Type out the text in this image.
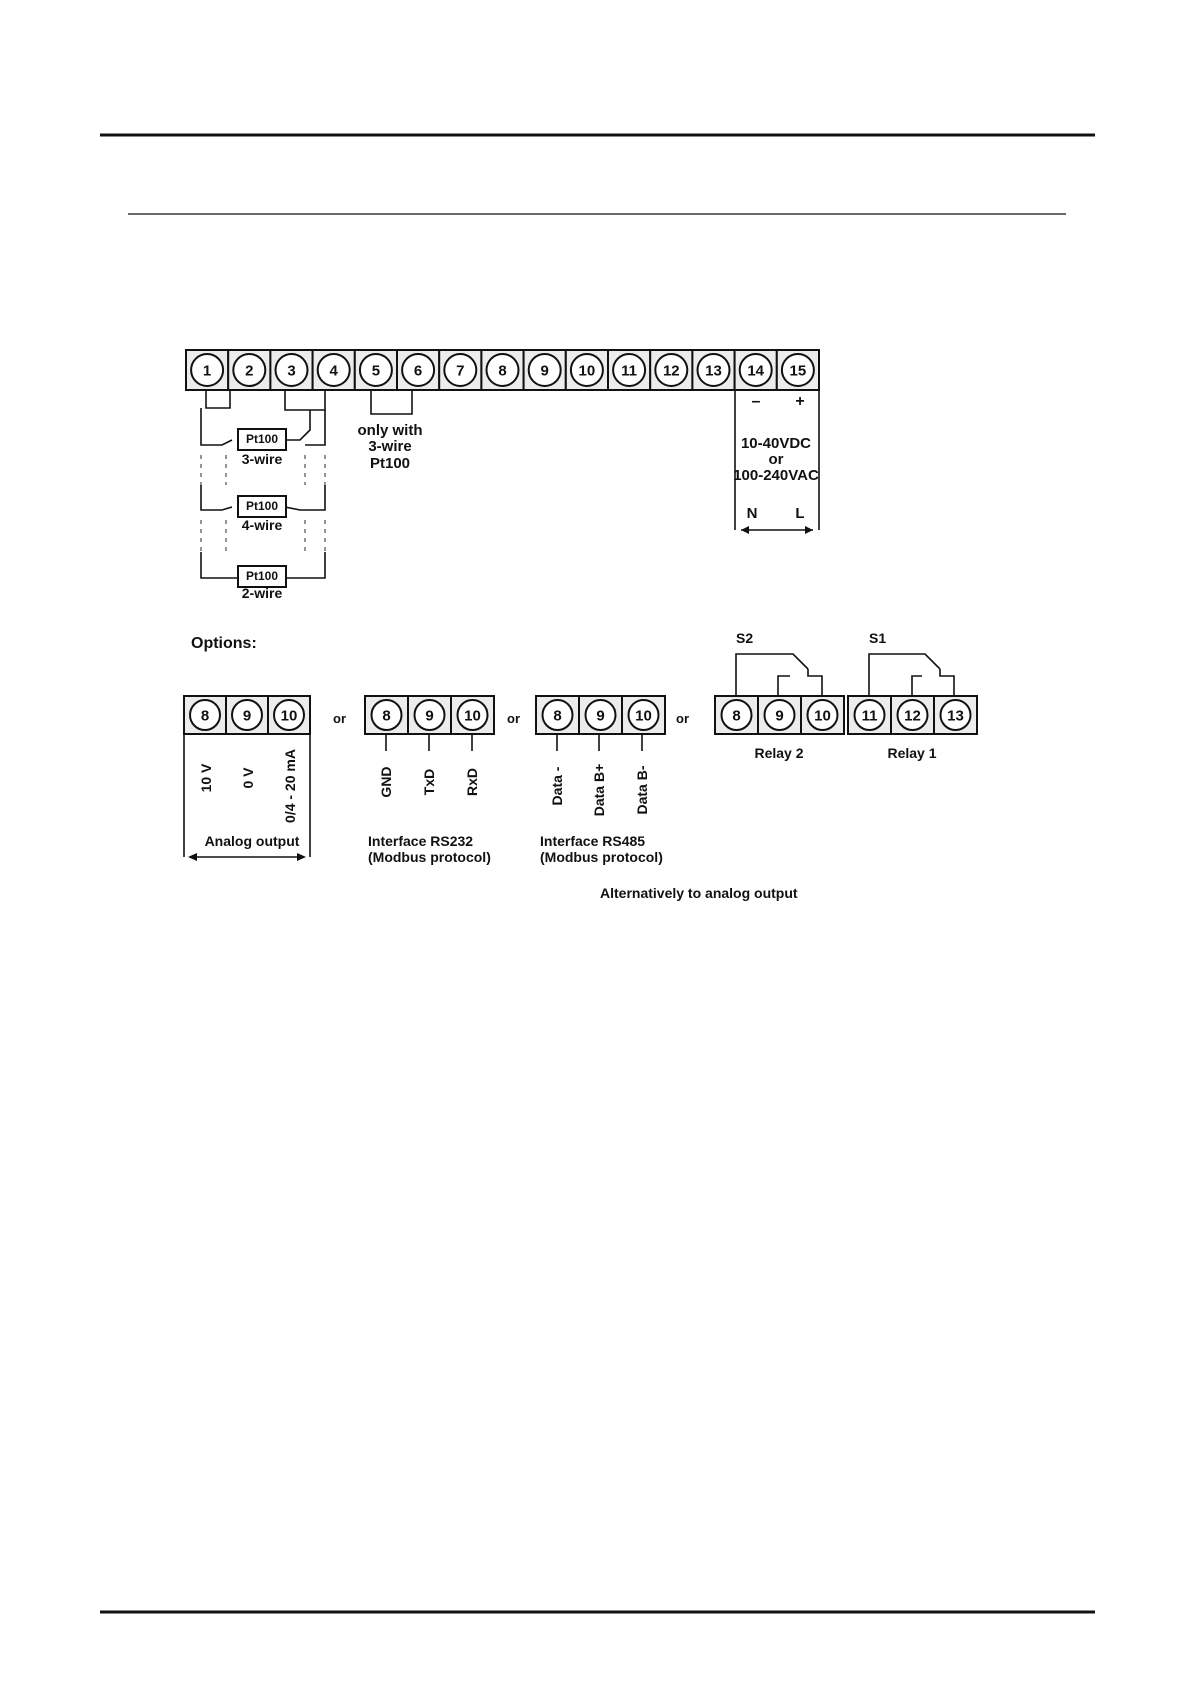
1 2 3 4 5 6 7 8 9 10 11 12 13 14 15
Pt100
3-wire
Pt100
4-wire
Pt100
2-wire
only with
3-wire
Pt100
– +
10-40VDC
or
100-240VAC
N	L
Options:
8 9 10	8 9 10	8 9 10	8 9 10 11 12 13
or	or	or
10 V 0 V 0/4 - 20 mA
Analog output
GND TxD RxD
Interface RS232
(Modbus protocol)
Data - Data B+ Data B-
Interface RS485
(Modbus protocol)
S2
Relay 2
S1
Relay 1
Alternatively to analog output
